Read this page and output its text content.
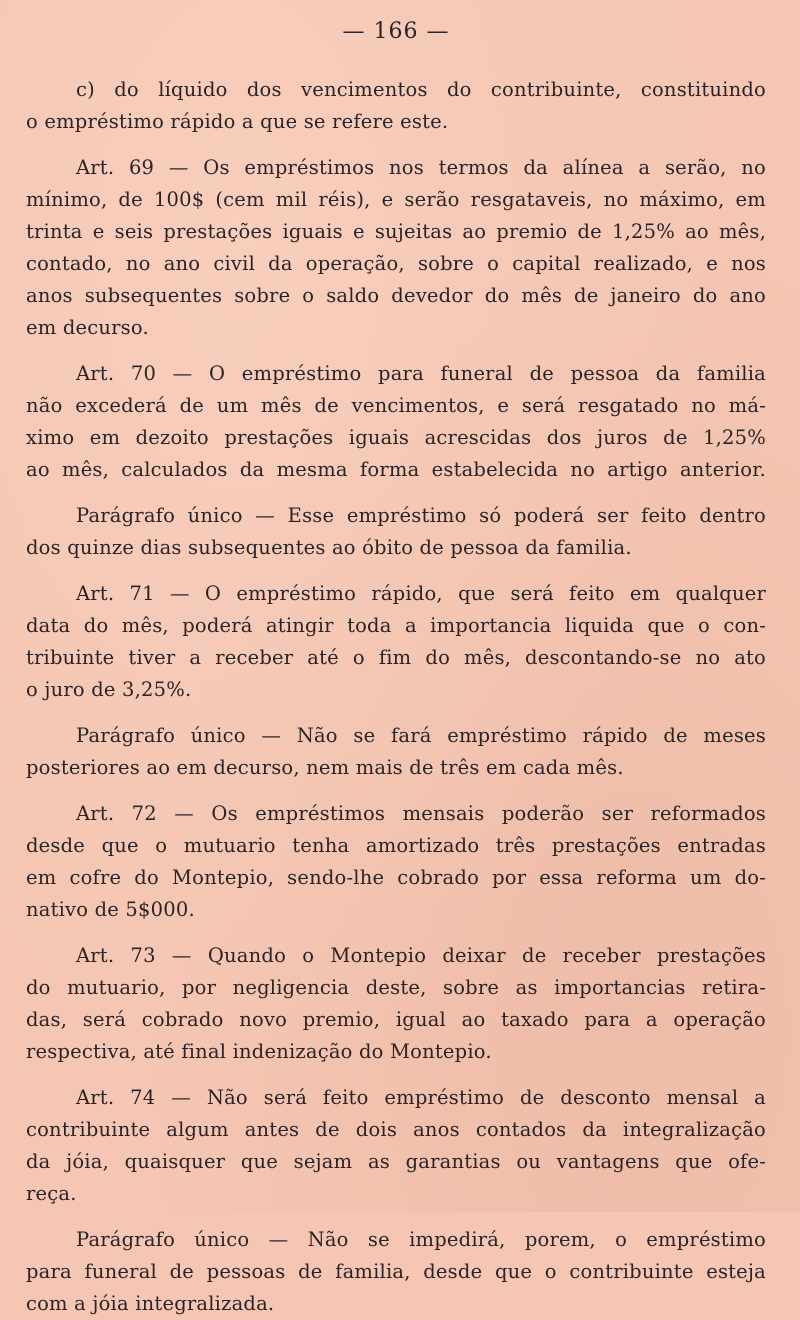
— 166 —
c) do líquido dos vencimentos do contribuinte, constituindo
o empréstimo rápido a que se refere este.
Art. 69 — Os empréstimos nos termos da alínea a serão, no
mínimo, de 100$ (cem mil réis), e serão resgataveis, no máximo, em
trinta e seis prestações iguais e sujeitas ao premio de 1,25% ao mês,
contado, no ano civil da operação, sobre o capital realizado, e nos
anos subsequentes sobre o saldo devedor do mês de janeiro do ano
em decurso.
Art. 70 — O empréstimo para funeral de pessoa da familia
não excederá de um mês de vencimentos, e será resgatado no má-
ximo em dezoito prestações iguais acrescidas dos juros de 1,25%
ao mês, calculados da mesma forma estabelecida no artigo anterior.
Parágrafo único — Esse empréstimo só poderá ser feito dentro
dos quinze dias subsequentes ao óbito de pessoa da familia.
Art. 71 — O empréstimo rápido, que será feito em qualquer
data do mês, poderá atingir toda a importancia liquida que o con-
tribuinte tiver a receber até o fim do mês, descontando-se no ato
o juro de 3,25%.
Parágrafo único — Não se fará empréstimo rápido de meses
posteriores ao em decurso, nem mais de três em cada mês.
Art. 72 — Os empréstimos mensais poderão ser reformados
desde que o mutuario tenha amortizado três prestações entradas
em cofre do Montepio, sendo-lhe cobrado por essa reforma um do-
nativo de 5$000.
Art. 73 — Quando o Montepio deixar de receber prestações
do mutuario, por negligencia deste, sobre as importancias retira-
das, será cobrado novo premio, igual ao taxado para a operação
respectiva, até final indenização do Montepio.
Art. 74 — Não será feito empréstimo de desconto mensal a
contribuinte algum antes de dois anos contados da integralização
da jóia, quaisquer que sejam as garantias ou vantagens que ofe-
reça.
Parágrafo único — Não se impedirá, porem, o empréstimo
para funeral de pessoas de familia, desde que o contribuinte esteja
com a jóia integralizada.
